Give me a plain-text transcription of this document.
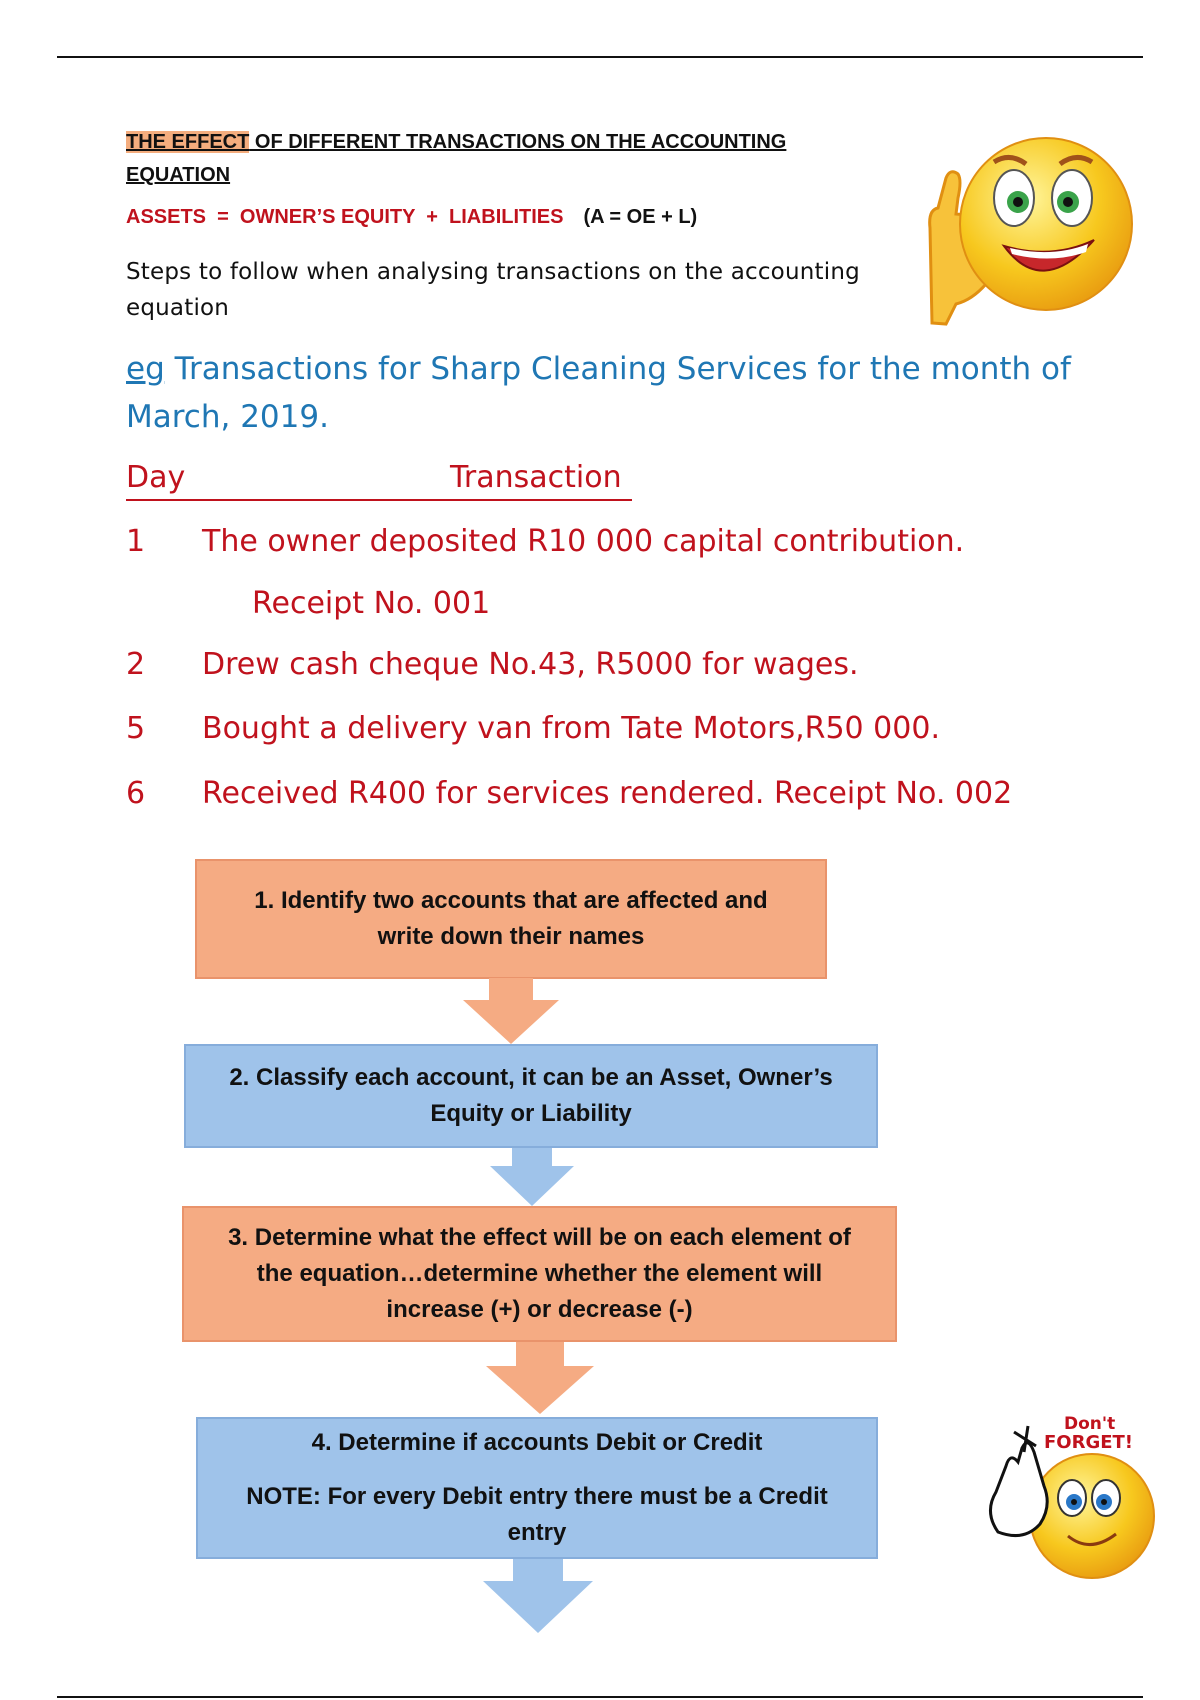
THE EFFECT OF DIFFERENT TRANSACTIONS ON THE ACCOUNTING
EQUATION
ASSETS  =  OWNER’S EQUITY  +  LIABILITIES (A = OE + L)
Steps to follow when analysing transactions on the accounting equation
eg Transactions for Sharp Cleaning Services for the month of March, 2019.
Day	Transaction
1 The owner deposited R10 000 capital contribution.
Receipt No. 001
2 Drew cash cheque No.43, R5000 for wages.
5 Bought a delivery van from Tate Motors,R50 000.
6 Received R400 for services rendered. Receipt No. 002

1. Identify two accounts that are affected and write down their names

2. Classify each account, it can be an Asset, Owner’s Equity or Liability

3. Determine what the effect will be on each element of the equation…determine whether the element will increase (+) or decrease (-)

4. Determine if accounts Debit or Credit

NOTE: For every Debit entry there must be a Credit entry

Don't
FORGET!
